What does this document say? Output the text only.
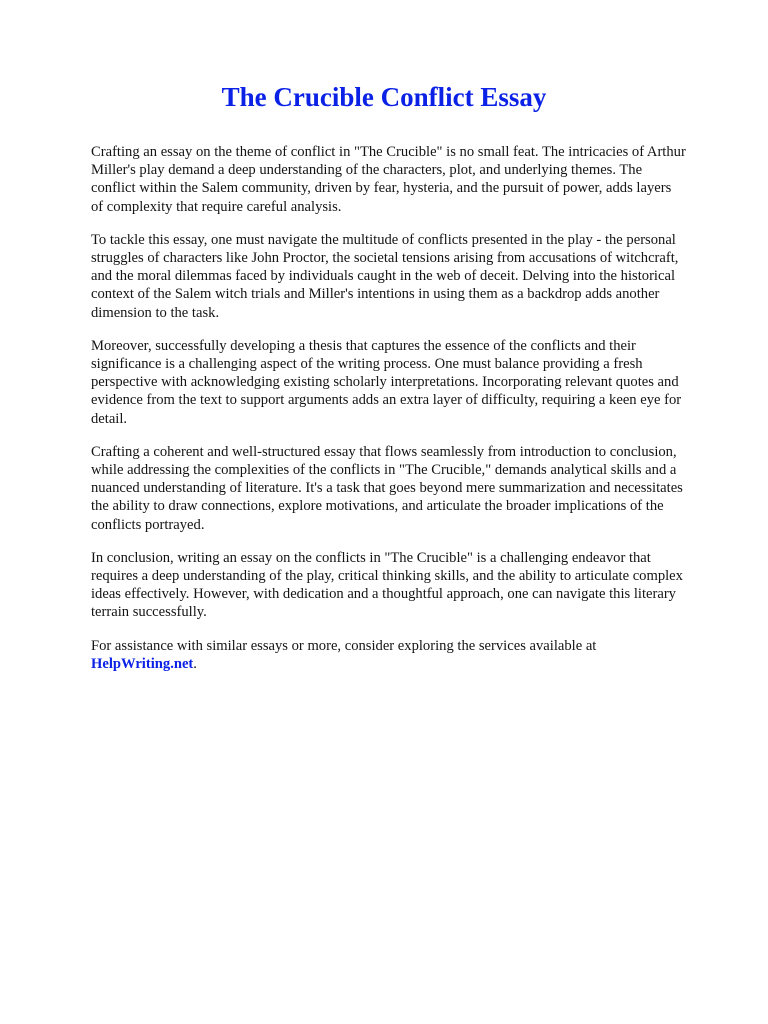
The Crucible Conflict Essay

Crafting an essay on the theme of conflict in "The Crucible" is no small feat. The intricacies of Arthur Miller's play demand a deep understanding of the characters, plot, and underlying themes. The conflict within the Salem community, driven by fear, hysteria, and the pursuit of power, adds layers of complexity that require careful analysis.

To tackle this essay, one must navigate the multitude of conflicts presented in the play - the personal struggles of characters like John Proctor, the societal tensions arising from accusations of witchcraft, and the moral dilemmas faced by individuals caught in the web of deceit. Delving into the historical context of the Salem witch trials and Miller's intentions in using them as a backdrop adds another dimension to the task.

Moreover, successfully developing a thesis that captures the essence of the conflicts and their significance is a challenging aspect of the writing process. One must balance providing a fresh perspective with acknowledging existing scholarly interpretations. Incorporating relevant quotes and evidence from the text to support arguments adds an extra layer of difficulty, requiring a keen eye for detail.

Crafting a coherent and well-structured essay that flows seamlessly from introduction to conclusion, while addressing the complexities of the conflicts in "The Crucible," demands analytical skills and a nuanced understanding of literature. It's a task that goes beyond mere summarization and necessitates the ability to draw connections, explore motivations, and articulate the broader implications of the conflicts portrayed.

In conclusion, writing an essay on the conflicts in "The Crucible" is a challenging endeavor that requires a deep understanding of the play, critical thinking skills, and the ability to articulate complex ideas effectively. However, with dedication and a thoughtful approach, one can navigate this literary terrain successfully.

For assistance with similar essays or more, consider exploring the services available at
HelpWriting.net.
